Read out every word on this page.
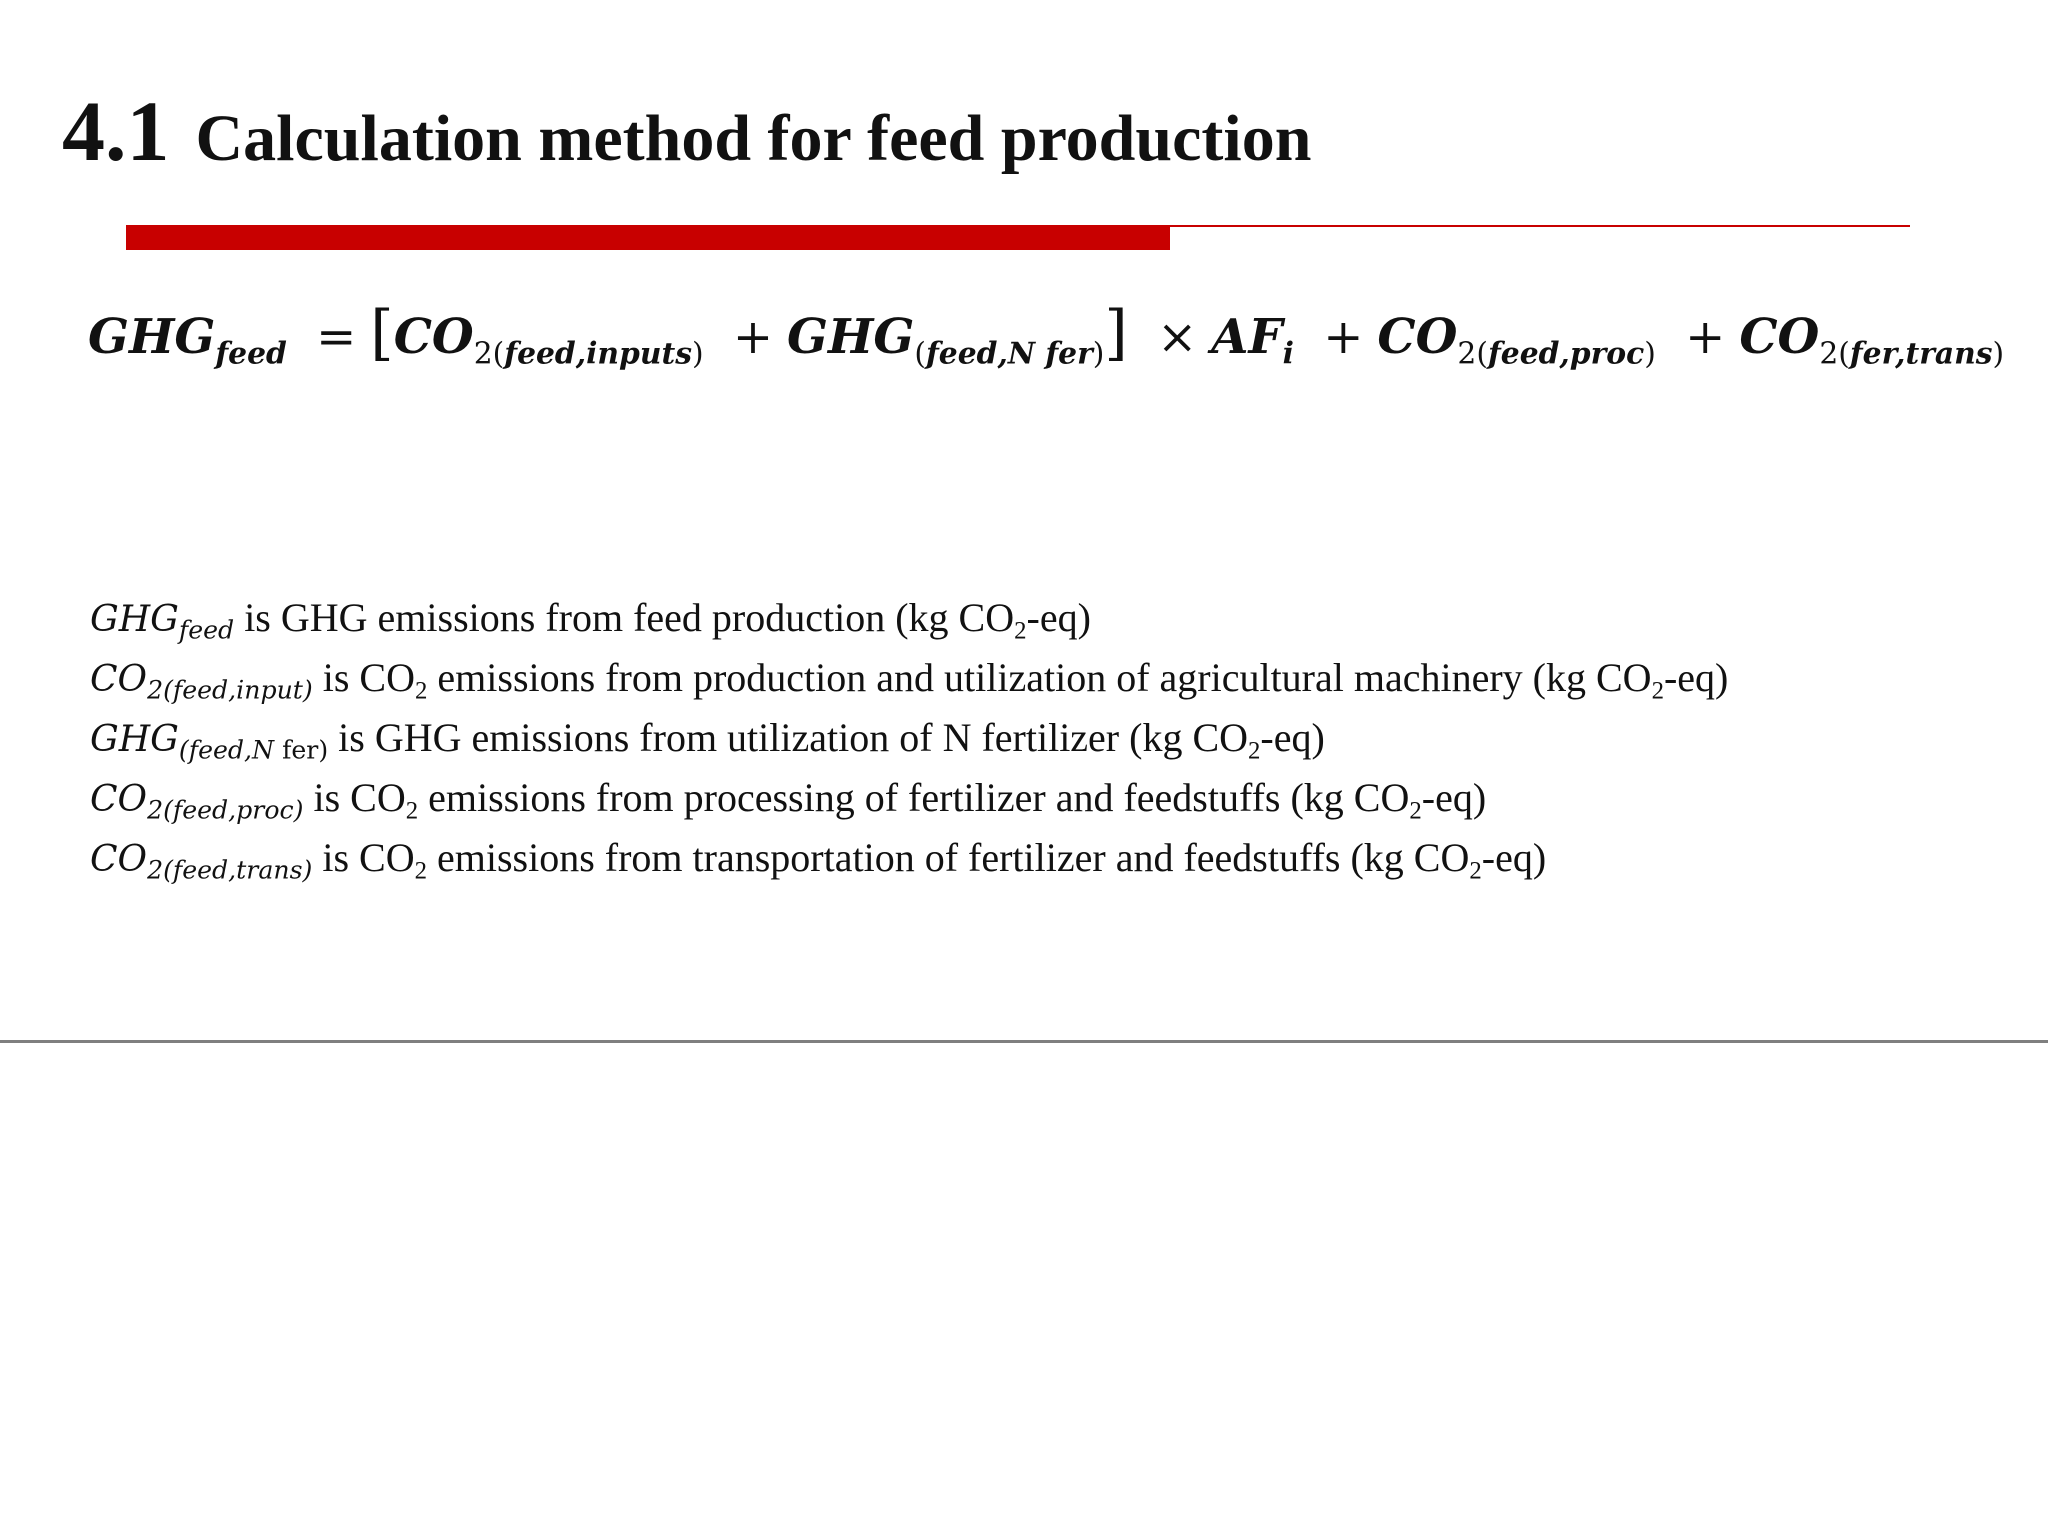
4.1 Calculation method for feed production
$GHG_{feed} = [CO_{2(feed,inputs)} + GHG_{(feed,N fer)}] \times AF_i + CO_{2(feed,proc)} + CO_{2(fer,trans)}$
$GHG_{feed}$ is GHG emissions from feed production (kg $CO_2-eq$)
$CO_{2(feed,input)}$ is $CO_2$ emissions from production and utilization of agricultural machinery (kg $CO_2-eq$)
$GHG_{(feed,N fer)}$ is GHG emissions from utilization of N fertilizer (kg $CO_2-eq$)
$CO_{2(feed,proc)}$ is $CO_2$ emissions from processing of fertilizer and feedstuffs (kg $CO_2-eq$)
$CO_{2(feed,trans)}$ is $CO_2$ emissions from transportation of fertilizer and feedstuffs (kg $CO_2-eq$)
